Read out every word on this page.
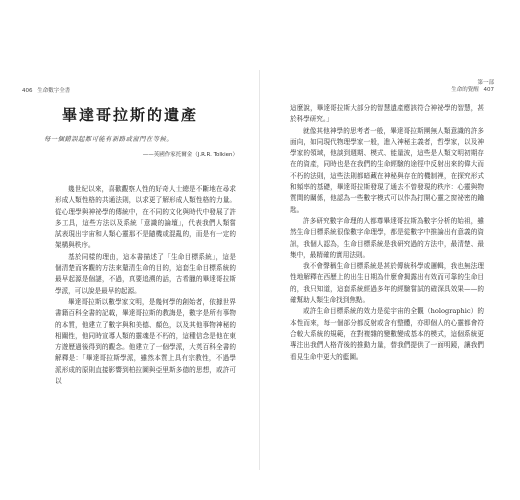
406 生命數字全書
畢達哥拉斯的遺產
每一個錯誤起都可能有新路或窗門在等候。
——英國作家托爾金（J.R.R. Tolkien）

幾世紀以來，喜歡觀察人性的好奇人士總是不斷地在尋求形成人類性格的共通法則，以求更了解形成人類性格的力量。從心理學與神祕學的傳統中，在不同的文化與時代中發展了許多工具，這些方法以及系統「意識的論壇」，代表我們人類嘗試表現出宇宙和人類心靈那不是隨機或混亂的，而是有一定的架構與秩序。

基於同樣的理由，這本書描述了「生命目標系統」，這是個清楚而客觀的方法來釐清生命的目的，這套生命目標系統的最早起源是個謎，不過，真要追溯的話，古希臘的畢達哥拉斯學派，可以說是最早的起源。

畢達哥拉斯以數學家文明，是幾何學的創始者，依據世界書籍百科全書的記載，畢達哥拉斯的教誨是，數字是所有事物的本質，他建立了數字與和美德、顏色，以及其他事物神秘的相關性，他同時宣導人類的靈魂是不朽的，這種信念是他在東方遊歷過後得到的觀念。他建立了一個學派，大英百科全書的解釋是：「畢達哥拉斯學派，雖然本質上具有宗教性，不過學派形成的原則直接影響到柏拉圖與亞里斯多德的思想，或許可以

第一部
生命的覺醒 407

這麼說，畢達哥拉斯大部分的智慧遺產應該符合神祕學的智慧，甚於科學研究。」

就像其他神學的思考者一般，畢達哥拉斯團無人類意識的許多面向，如同現代物理學家一般，進入神秘主義者，哲學家，以及神學家的領域，他談到週期、模式、能量波，這些是人類文明初期存在的資產，同時也是在我們的生命經驗的途徑中反射出來的偉大而不朽的法則，這些法則都暗藏在神秘與存在的機制裡，在探究形式和頻率的基礎，畢達哥拉斯發現了通去不曾發現的秩序：心靈與物質間的關係，他認為一些數字模式可以作為打開心靈之窗祕密的鑰匙。

許多研究數字命理的人都尊畢達哥拉斯為數字分析的始祖，雖然生命目標系統很像數字命理學，都是從數字中推論出有意義的資訊，我個人認為，生命目標系統是我研究過的方法中，最清楚、最集中，最精確的實用法則。

我不會聲稱生命目標系統是甚於傳統科學或邏輯，我也無法理性地解釋在西歷上的出生日期為什麼會揭露出有效而可靠的生命目的，我只知道，這套系統經過多年的經驗嘗試的確深具效果——的確幫助人類生命找到焦點。

或許生命目標系統的效力是從宇宙的全觀（holographic）的本性而來，每一個部分都反射或含有整體，亦即個人的心靈都會符合較大系統的規範，在對複雜的變數變成基本的模式，這個系統更專注出我們人格背後的推動力量，替我們提供了一面明鏡，讓我們看見生命中更大的藍圖。
